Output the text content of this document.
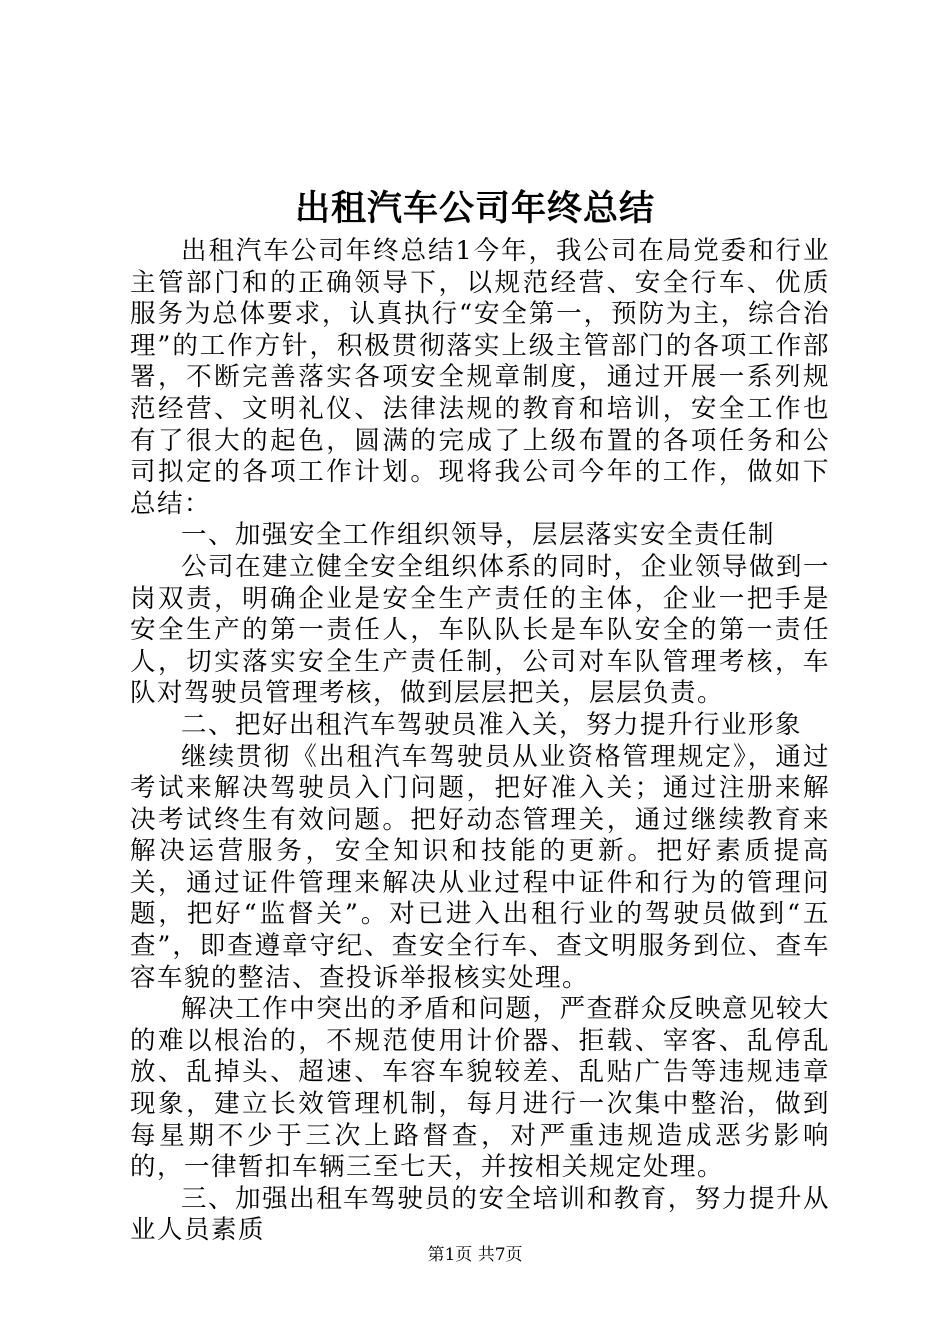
出租汽车公司年终总结

出租汽车公司年终总结1今年，我公司在局党委和行业主管部门和的正确领导下，以规范经营、安全行车、优质服务为总体要求，认真执行“安全第一，预防为主，综合治理”的工作方针，积极贯彻落实上级主管部门的各项工作部署，不断完善落实各项安全规章制度，通过开展一系列规范经营、文明礼仪、法律法规的教育和培训，安全工作也有了很大的起色，圆满的完成了上级布置的各项任务和公司拟定的各项工作计划。现将我公司今年的工作，做如下总结：

一、加强安全工作组织领导，层层落实安全责任制

公司在建立健全安全组织体系的同时，企业领导做到一岗双责，明确企业是安全生产责任的主体，企业一把手是安全生产的第一责任人，车队队长是车队安全的第一责任人，切实落实安全生产责任制，公司对车队管理考核，车队对驾驶员管理考核，做到层层把关，层层负责。

二、把好出租汽车驾驶员准入关，努力提升行业形象

继续贯彻《出租汽车驾驶员从业资格管理规定》，通过考试来解决驾驶员入门问题，把好准入关；通过注册来解决考试终生有效问题。把好动态管理关，通过继续教育来解决运营服务，安全知识和技能的更新。把好素质提高关，通过证件管理来解决从业过程中证件和行为的管理问题，把好“监督关”。对已进入出租行业的驾驶员做到“五查”，即查遵章守纪、查安全行车、查文明服务到位、查车容车貌的整洁、查投诉举报核实处理。

解决工作中突出的矛盾和问题，严查群众反映意见较大的难以根治的，不规范使用计价器、拒载、宰客、乱停乱放、乱掉头、超速、车容车貌较差、乱贴广告等违规违章现象，建立长效管理机制，每月进行一次集中整治，做到每星期不少于三次上路督查，对严重违规造成恶劣影响的，一律暂扣车辆三至七天，并按相关规定处理。

三、加强出租车驾驶员的安全培训和教育，努力提升从业人员素质

第1页 共7页
